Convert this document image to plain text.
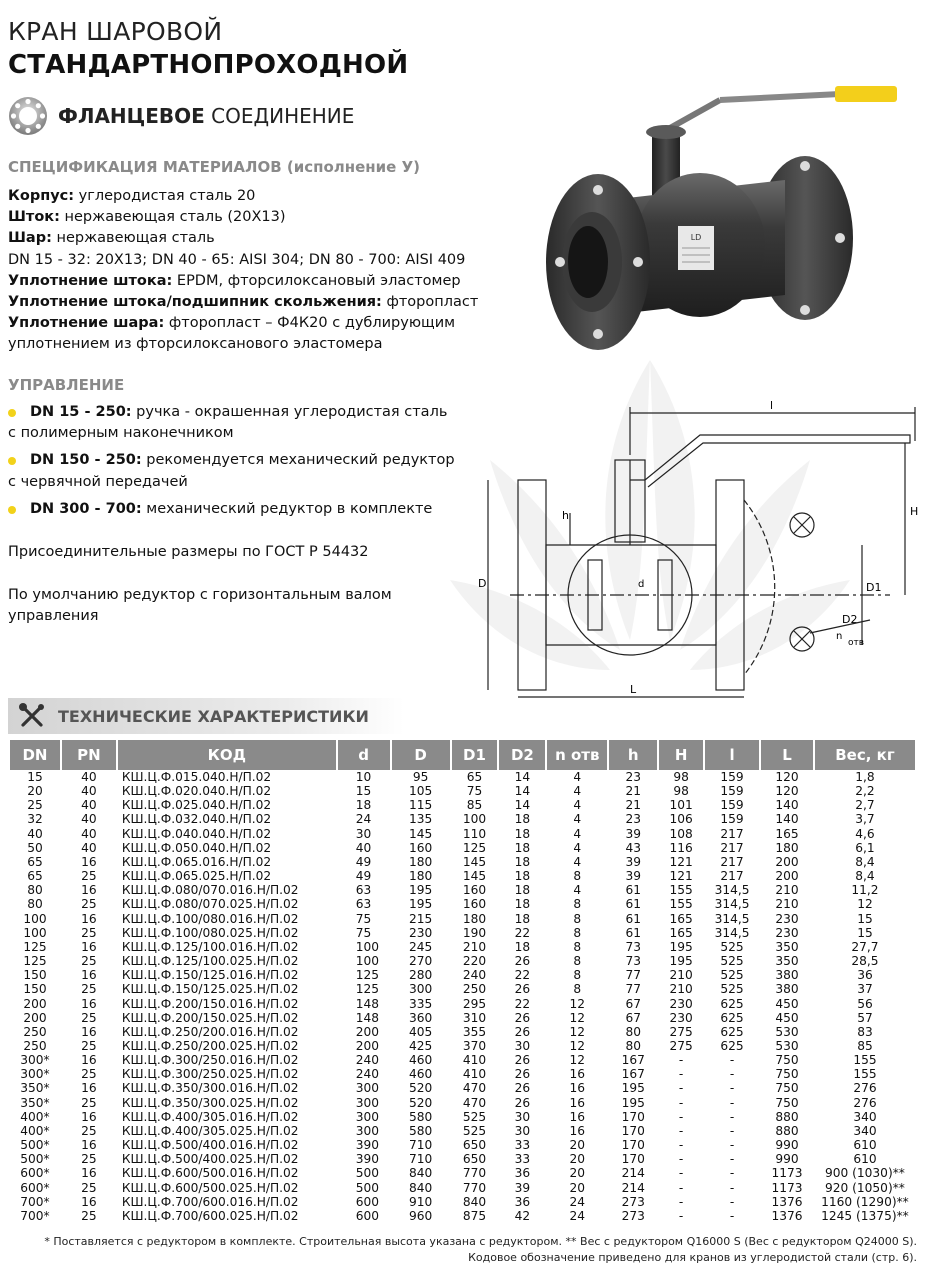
КРАН ШАРОВОЙ
СТАНДАРТНОПРОХОДНОЙ
ФЛАНЦЕВОЕ СОЕДИНЕНИЕ
СПЕЦИФИКАЦИЯ МАТЕРИАЛОВ (исполнение У)
Корпус: углеродистая сталь 20
Шток: нержавеющая сталь (20Х13)
Шар: нержавеющая сталь
DN 15 - 32: 20Х13; DN 40 - 65: AISI 304; DN 80 - 700: AISI 409
Уплотнение штока: EPDM, фторсилоксановый эластомер
Уплотнение штока/подшипник скольжения: фторопласт
Уплотнение шара: фторопласт – Ф4К20 с дублирующим
уплотнением из фторсилоксанового эластомера
УПРАВЛЕНИЕ
DN 15 - 250: ручка - окрашенная углеродистая сталь
с полимерным наконечником
DN 150 - 250: рекомендуется механический редуктор
с червячной передачей
DN 300 - 700: механический редуктор в комплекте
Присоединительные размеры по ГОСТ Р 54432
По умолчанию редуктор с горизонтальным валом
управления
LD
l
H
h
D	D1
D2
n
отв
L
d
ТЕХНИЧЕСКИЕ ХАРАКТЕРИСТИКИ
DN	PN	КОД	d	D	D1	D2	n отв	h	H	l	L	Вес, кг
15	40	КШ.Ц.Ф.015.040.Н/П.02	10	95	65	14	4	23	98	159	120	1,8
20	40	КШ.Ц.Ф.020.040.Н/П.02	15	105	75	14	4	21	98	159	120	2,2
25	40	КШ.Ц.Ф.025.040.Н/П.02	18	115	85	14	4	21	101	159	140	2,7
32	40	КШ.Ц.Ф.032.040.Н/П.02	24	135	100	18	4	23	106	159	140	3,7
40	40	КШ.Ц.Ф.040.040.Н/П.02	30	145	110	18	4	39	108	217	165	4,6
50	40	КШ.Ц.Ф.050.040.Н/П.02	40	160	125	18	4	43	116	217	180	6,1
65	16	КШ.Ц.Ф.065.016.Н/П.02	49	180	145	18	4	39	121	217	200	8,4
65	25	КШ.Ц.Ф.065.025.Н/П.02	49	180	145	18	8	39	121	217	200	8,4
80	16	КШ.Ц.Ф.080/070.016.Н/П.02	63	195	160	18	4	61	155	314,5	210	11,2
80	25	КШ.Ц.Ф.080/070.025.Н/П.02	63	195	160	18	8	61	155	314,5	210	12
100	16	КШ.Ц.Ф.100/080.016.Н/П.02	75	215	180	18	8	61	165	314,5	230	15
100	25	КШ.Ц.Ф.100/080.025.Н/П.02	75	230	190	22	8	61	165	314,5	230	15
125	16	КШ.Ц.Ф.125/100.016.Н/П.02	100	245	210	18	8	73	195	525	350	27,7
125	25	КШ.Ц.Ф.125/100.025.Н/П.02	100	270	220	26	8	73	195	525	350	28,5
150	16	КШ.Ц.Ф.150/125.016.Н/П.02	125	280	240	22	8	77	210	525	380	36
150	25	КШ.Ц.Ф.150/125.025.Н/П.02	125	300	250	26	8	77	210	525	380	37
200	16	КШ.Ц.Ф.200/150.016.Н/П.02	148	335	295	22	12	67	230	625	450	56
200	25	КШ.Ц.Ф.200/150.025.Н/П.02	148	360	310	26	12	67	230	625	450	57
250	16	КШ.Ц.Ф.250/200.016.Н/П.02	200	405	355	26	12	80	275	625	530	83
250	25	КШ.Ц.Ф.250/200.025.Н/П.02	200	425	370	30	12	80	275	625	530	85
300*	16	КШ.Ц.Ф.300/250.016.Н/П.02	240	460	410	26	12	167	-	-	750	155
300*	25	КШ.Ц.Ф.300/250.025.Н/П.02	240	460	410	26	16	167	-	-	750	155
350*	16	КШ.Ц.Ф.350/300.016.Н/П.02	300	520	470	26	16	195	-	-	750	276
350*	25	КШ.Ц.Ф.350/300.025.Н/П.02	300	520	470	26	16	195	-	-	750	276
400*	16	КШ.Ц.Ф.400/305.016.Н/П.02	300	580	525	30	16	170	-	-	880	340
400*	25	КШ.Ц.Ф.400/305.025.Н/П.02	300	580	525	30	16	170	-	-	880	340
500*	16	КШ.Ц.Ф.500/400.016.Н/П.02	390	710	650	33	20	170	-	-	990	610
500*	25	КШ.Ц.Ф.500/400.025.Н/П.02	390	710	650	33	20	170	-	-	990	610
600*	16	КШ.Ц.Ф.600/500.016.Н/П.02	500	840	770	36	20	214	-	-	1173	900 (1030)**
600*	25	КШ.Ц.Ф.600/500.025.Н/П.02	500	840	770	39	20	214	-	-	1173	920 (1050)**
700*	16	КШ.Ц.Ф.700/600.016.Н/П.02	600	910	840	36	24	273	-	-	1376	1160 (1290)**
700*	25	КШ.Ц.Ф.700/600.025.Н/П.02	600	960	875	42	24	273	-	-	1376	1245 (1375)**
* Поставляется с редуктором в комплекте. Строительная высота указана с редуктором. ** Вес с редуктором Q16000 S (Вес с редуктором Q24000 S).
Кодовое обозначение приведено для кранов из углеродистой стали (стр. 6).
